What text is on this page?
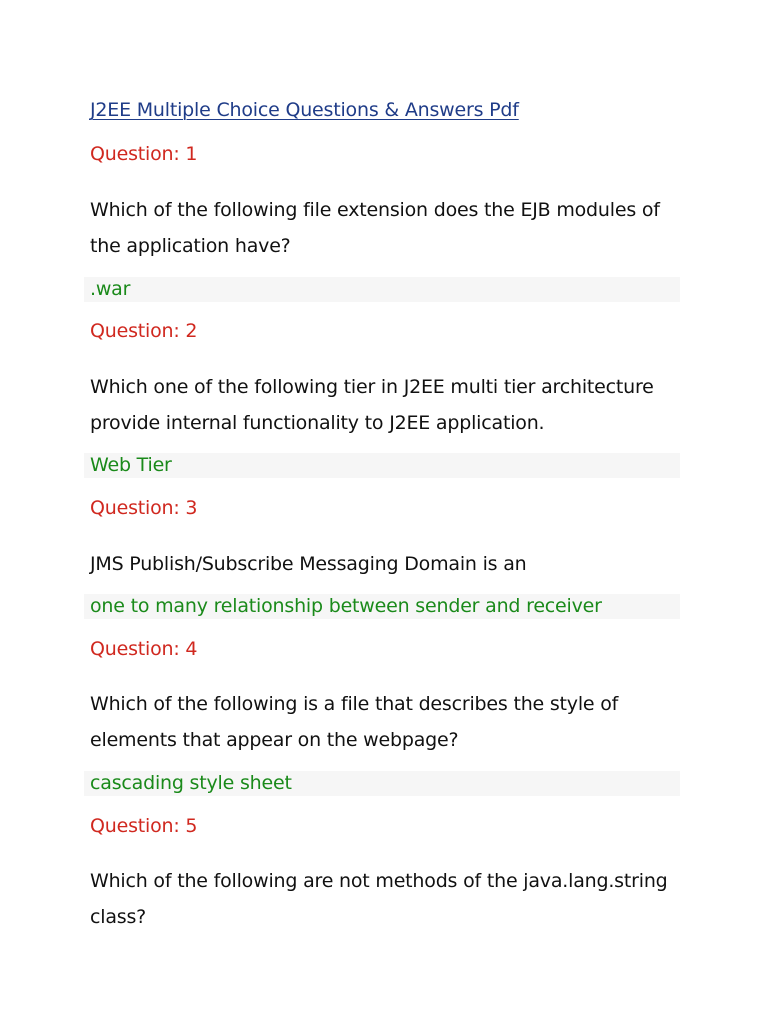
J2EE Multiple Choice Questions & Answers Pdf
Question: 1
Which of the following file extension does the EJB modules of the application have?
.war
Question: 2
Which one of the following tier in J2EE multi tier architecture provide internal functionality to J2EE application.
Web Tier
Question: 3
JMS Publish/Subscribe Messaging Domain is an
one to many relationship between sender and receiver
Question: 4
Which of the following is a file that describes the style of elements that appear on the webpage?
cascading style sheet
Question: 5
Which of the following are not methods of the java.lang.string class?
